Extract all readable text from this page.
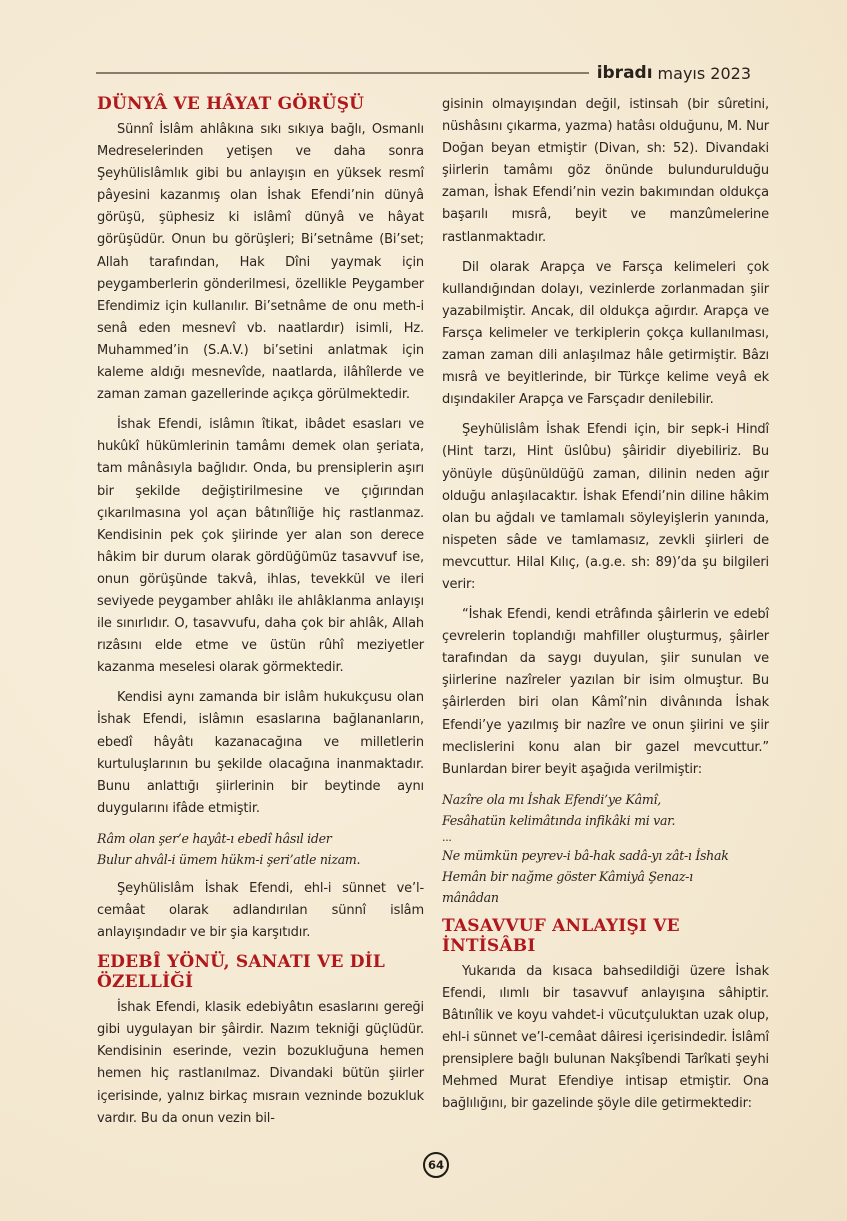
ibradı mayıs 2023
DÜNYÂ VE HÂYAT GÖRÜŞÜ

Sünnî İslâm ahlâkına sıkı sıkıya bağlı, Osmanlı Medreselerinden yetişen ve daha sonra Şeyhülislâmlık gibi bu anlayışın en yüksek resmî pâyesini kazanmış olan İshak Efendi’nin dünyâ görüşü, şüphesiz ki islâmî dünyâ ve hâyat görüşüdür. Onun bu görüşleri; Bi’setnâme (Bi’set; Allah tarafından, Hak Dîni yaymak için peygamberlerin gönderilmesi, özellikle Peygamber Efendimiz için kullanılır. Bi’setnâme de onu meth-i senâ eden mesnevî vb. naatlardır) isimli, Hz. Muhammed’in (S.A.V.) bi’setini anlatmak için kaleme aldığı mesnevîde, naatlarda, ilâhîlerde ve zaman zaman gazellerinde açıkça görülmektedir.

İshak Efendi, islâmın îtikat, ibâdet esasları ve hukûkî hükümlerinin tamâmı demek olan şeriata, tam mânâsıyla bağlıdır. Onda, bu prensiplerin aşırı bir şekilde değiştirilmesine ve çığırından çıkarılmasına yol açan bâtınîliğe hiç rastlanmaz. Kendisinin pek çok şiirinde yer alan son derece hâkim bir durum olarak gördüğümüz tasavvuf ise, onun görüşünde takvâ, ihlas, tevekkül ve ileri seviyede peygamber ahlâkı ile ahlâklanma anlayışı ile sınırlıdır. O, tasavvufu, daha çok bir ahlâk, Allah rızâsını elde etme ve üstün rûhî meziyetler kazanma meselesi olarak görmektedir.

Kendisi aynı zamanda bir islâm hukukçusu olan İshak Efendi, islâmın esaslarına bağlananların, ebedî hâyâtı kazanacağına ve milletlerin kurtuluşlarının bu şekilde olacağına inanmaktadır. Bunu anlattığı şiirlerinin bir beytinde aynı duygularını ifâde etmiştir.

Râm olan şer’e hayât-ı ebedî hâsıl ider
Bulur ahvâl-i ümem hükm-i şeri’atle nizam.

Şeyhülislâm İshak Efendi, ehl-i sünnet ve’l-cemâat olarak adlandırılan sünnî islâm anlayışındadır ve bir şia karşıtıdır.

EDEBÎ YÖNÜ, SANATI VE DİL ÖZELLİĞİ

İshak Efendi, klasik edebiyâtın esaslarını gereği gibi uygulayan bir şâirdir. Nazım tekniği güçlüdür. Kendisinin eserinde, vezin bozukluğuna hemen hemen hiç rastlanılmaz. Divandaki bütün şiirler içerisinde, yalnız birkaç mısraın vezninde bozukluk vardır. Bu da onun vezin bil-

gisinin olmayışından değil, istinsah (bir sûretini, nüshâsını çıkarma, yazma) hatâsı olduğunu, M. Nur Doğan beyan etmiştir (Divan, sh: 52). Divandaki şiirlerin tamâmı göz önünde bulundurulduğu zaman, İshak Efendi’nin vezin bakımından oldukça başarılı mısrâ, beyit ve manzûmelerine rastlanmaktadır.

Dil olarak Arapça ve Farsça kelimeleri çok kullandığından dolayı, vezinlerde zorlanmadan şiir yazabilmiştir. Ancak, dil oldukça ağırdır. Arapça ve Farsça kelimeler ve terkiplerin çokça kullanılması, zaman zaman dili anlaşılmaz hâle getirmiştir. Bâzı mısrâ ve beyitlerinde, bir Türkçe kelime veyâ ek dışındakiler Arapça ve Farsçadır denilebilir.

Şeyhülislâm İshak Efendi için, bir sepk-i Hindî (Hint tarzı, Hint üslûbu) şâiridir diyebiliriz. Bu yönüyle düşünüldüğü zaman, dilinin neden ağır olduğu anlaşılacaktır. İshak Efendi’nin diline hâkim olan bu ağdalı ve tamlamalı söyleyişlerin yanında, nispeten sâde ve tamlamasız, zevkli şiirleri de mevcuttur. Hilal Kılıç, (a.g.e. sh: 89)’da şu bilgileri verir:

“İshak Efendi, kendi etrâfında şâirlerin ve edebî çevrelerin toplandığı mahfiller oluşturmuş, şâirler tarafından da saygı duyulan, şiir sunulan ve şiirlerine nazîreler yazılan bir isim olmuştur. Bu şâirlerden biri olan Kâmî’nin divânında İshak Efendi’ye yazılmış bir nazîre ve onun şiirini ve şiir meclislerini konu alan bir gazel mevcuttur.” Bunlardan birer beyit aşağıda verilmiştir:

Nazîre ola mı İshak Efendi’ye Kâmî,
Fesâhatün kelimâtında infikâki mi var.
...
Ne mümkün peyrev-i bâ-hak sadâ-yı zât-ı İshak
Hemân bir nağme göster Kâmiyâ Şenaz-ı
mânâdan
TASAVVUF ANLAYIŞI VE İNTİSÂBI

Yukarıda da kısaca bahsedildiği üzere İshak Efendi, ılımlı bir tasavvuf anlayışına sâhiptir. Bâtınîlik ve koyu vahdet-i vücutçuluktan uzak olup, ehl-i sünnet ve’l-cemâat dâiresi içerisindedir. İslâmî prensiplere bağlı bulunan Nakşîbendi Tarîkati şeyhi Mehmed Murat Efendiye intisap etmiştir. Ona bağlılığını, bir gazelinde şöyle dile getirmektedir:

64
